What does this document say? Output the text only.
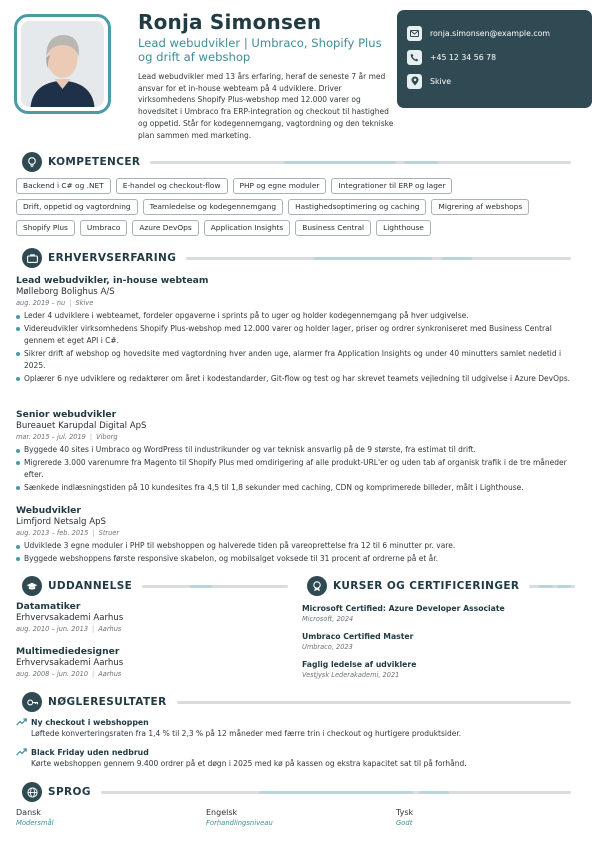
Ronja Simonsen
Lead webudvikler | Umbraco, Shopify Plus og drift af webshop
Lead webudvikler med 13 års erfaring, heraf de seneste 7 år med ansvar for et in-house webteam på 4 udviklere. Driver virksomhedens Shopify Plus-webshop med 12.000 varer og hovedsitet i Umbraco fra ERP-integration og checkout til hastighed og oppetid. Står for kodegennemgang, vagtordning og den tekniske plan sammen med marketing.
ronja.simonsen@example.com
+45 12 34 56 78
Skive
KOMPETENCER
Backend i C# og .NET	E-handel og checkout-flow	PHP og egne moduler	Integrationer til ERP og lager
Drift, oppetid og vagtordning	Teamledelse og kodegennemgang	Hastighedsoptimering og caching	Migrering af webshops
Shopify Plus	Umbraco	Azure DevOps	Application Insights	Business Central	Lighthouse
ERHVERVSERFARING
Lead webudvikler, in-house webteam
Mølleborg Bolighus A/S
aug. 2019 – nu | Skive
Leder 4 udviklere i webteamet, fordeler opgaverne i sprints på to uger og holder kodegennemgang på hver udgivelse.
Videreudvikler virksomhedens Shopify Plus-webshop med 12.000 varer og holder lager, priser og ordrer synkroniseret med Business Central gennem et eget API i C#.
Sikrer drift af webshop og hovedsite med vagtordning hver anden uge, alarmer fra Application Insights og under 40 minutters samlet nedetid i 2025.
Oplærer 6 nye udviklere og redaktører om året i kodestandarder, Git-flow og test og har skrevet teamets vejledning til udgivelse i Azure DevOps.
Senior webudvikler
Bureauet Karupdal Digital ApS
mar. 2015 – jul. 2019 | Viborg
Byggede 40 sites i Umbraco og WordPress til industrikunder og var teknisk ansvarlig på de 9 største, fra estimat til drift.
Migrerede 3.000 varenumre fra Magento til Shopify Plus med omdirigering af alle produkt-URL'er og uden tab af organisk trafik i de tre måneder efter.
Sænkede indlæsningstiden på 10 kundesites fra 4,5 til 1,8 sekunder med caching, CDN og komprimerede billeder, målt i Lighthouse.
Webudvikler
Limfjord Netsalg ApS
aug. 2013 – feb. 2015 | Struer
Udviklede 3 egne moduler i PHP til webshoppen og halverede tiden på vareoprettelse fra 12 til 6 minutter pr. vare.
Byggede webshoppens første responsive skabelon, og mobilsalget voksede til 31 procent af ordrerne på et år.
UDDANNELSE
Datamatiker
Erhvervsakademi Aarhus
aug. 2010 – jun. 2013 | Aarhus
Multimediedesigner
Erhvervsakademi Aarhus
aug. 2008 – jun. 2010 | Aarhus
KURSER OG CERTIFICERINGER
Microsoft Certified: Azure Developer Associate
Microsoft, 2024
Umbraco Certified Master
Umbraco, 2023
Faglig ledelse af udviklere
Vestjysk Lederakademi, 2021
NØGLERESULTATER
Ny checkout i webshoppen
Løftede konverteringsraten fra 1,4 % til 2,3 % på 12 måneder med færre trin i checkout og hurtigere produktsider.
Black Friday uden nedbrud
Kørte webshoppen gennem 9.400 ordrer på et døgn i 2025 med kø på kassen og ekstra kapacitet sat til på forhånd.
SPROG
Dansk
Modersmål
Engelsk
Forhandlingsniveau
Tysk
Godt
